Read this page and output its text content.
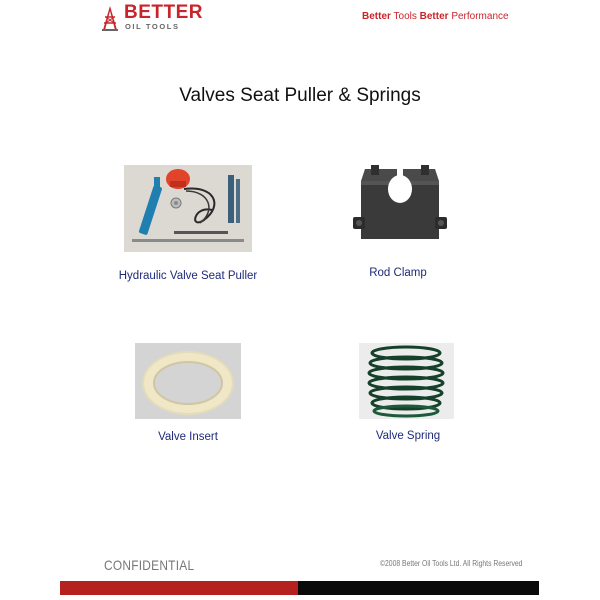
BETTER
OIL TOOLS
Better Tools Better Performance
Valves Seat Puller & Springs
Hydraulic Valve Seat Puller	Rod Clamp
Valve Insert	Valve Spring
CONFIDENTIAL	©2008 Better Oil Tools Ltd. All Rights Reserved
